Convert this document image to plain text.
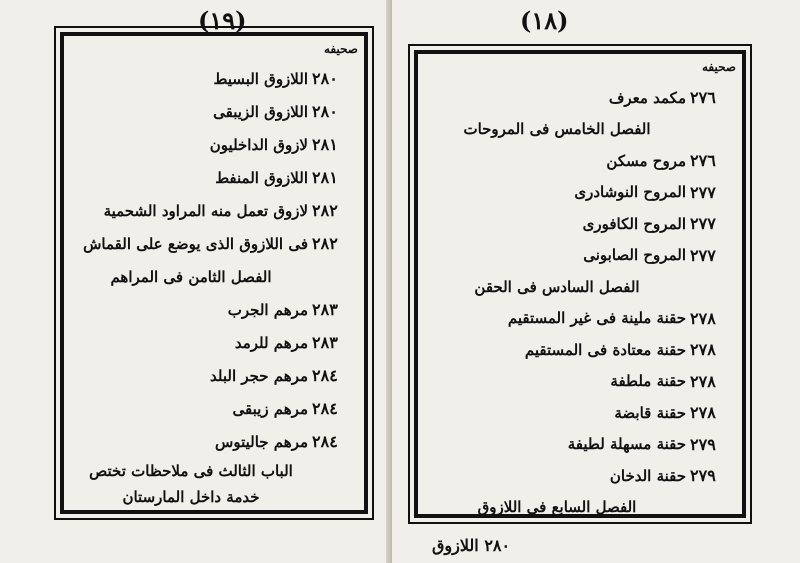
(١٩)
صحيفه
٢٨٠
اللازوق البسيط
٢٨٠
اللازوق الزيبقى
٢٨١
لازوق الداخليون
٢٨١
اللازوق المنفط
٢٨٢
لازوق تعمل منه المراود الشحمية
٢٨٢
فى اللازوق الذى يوضع على القماش
الفصل الثامن فى المراهم
٢٨٣
مرهم الجرب
٢٨٣
مرهم للرمد
٢٨٤
مرهم حجر البلد
٢٨٤
مرهم زيبقى
٢٨٤
مرهم جاليتوس
الباب الثالث فى ملاحظات تختص خدمة داخل المارستان
(١٨)
صحيفه
٢٧٦
مكمد معرف
الفصل الخامس فى المروحات
٢٧٦
مروح مسكن
٢٧٧
المروح النوشادرى
٢٧٧
المروح الكافورى
٢٧٧
المروح الصابونى
الفصل السادس فى الحقن
٢٧٨
حقنة ملينة فى غير المستقيم
٢٧٨
حقنة معتادة فى المستقيم
٢٧٨
حقنة ملطفة
٢٧٨
حقنة قابضة
٢٧٩
حقنة مسهلة لطيفة
٢٧٩
حقنة الدخان
الفصل السابع فى اللازوق
٢٨٠ اللازوق
